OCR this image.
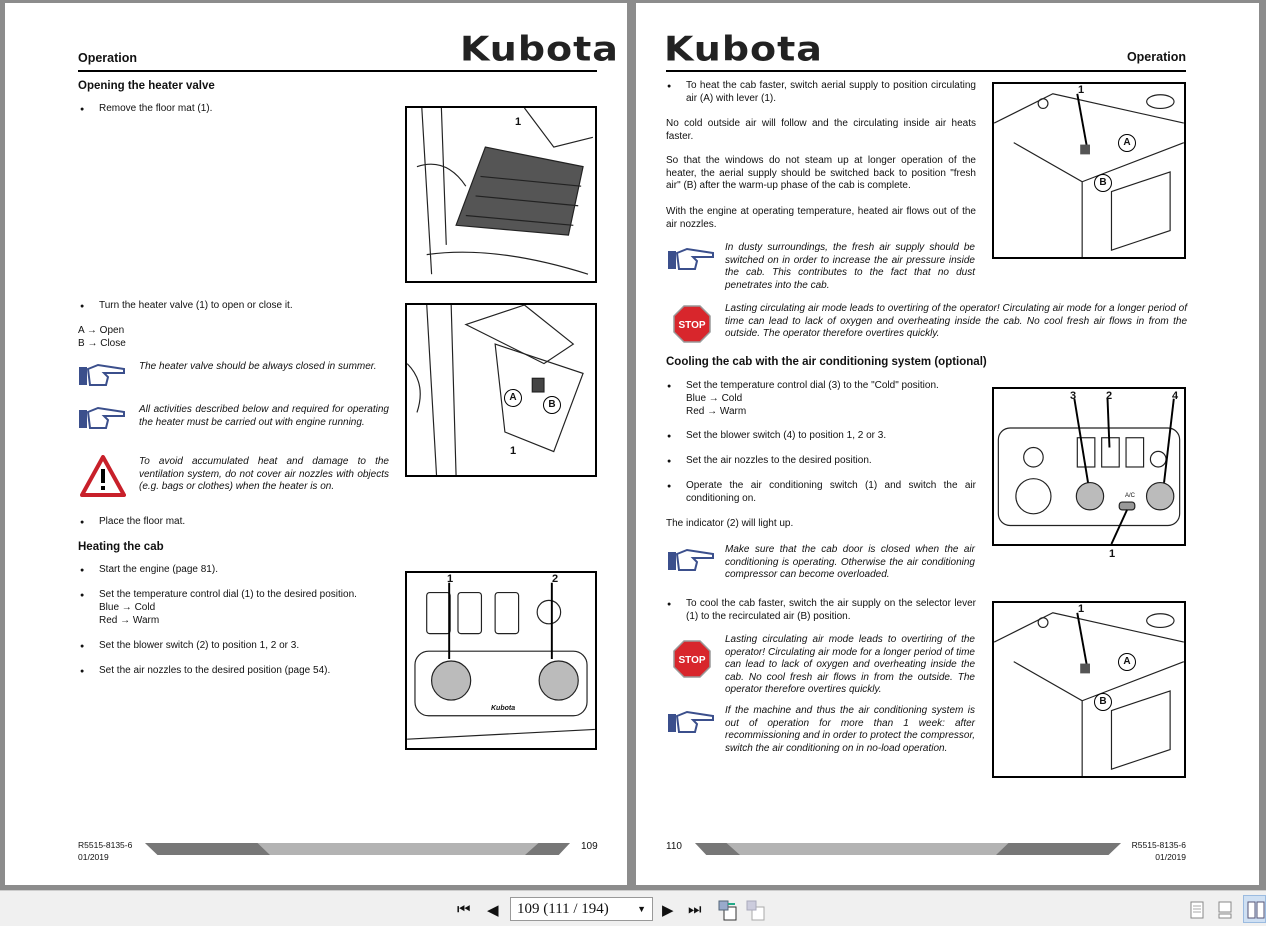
Operation	Kubota
Opening the heater valve
● Remove the floor mat (1).
1
● Turn the heater valve (1) to open or close it.
A → Open
B → Close
The heater valve should be always closed in summer.
All activities described below and required for operating the heater must be carried out with engine running.
To avoid accumulated heat and damage to the ventilation system, do not cover air nozzles with objects (e.g. bags or clothes) when the heater is on.
A
B
1
● Place the floor mat.
Heating the cab
● Start the engine (page 81).
● Set the temperature control dial (1) to the desired position.
Blue → Cold
Red → Warm
● Set the blower switch (2) to position 1, 2 or 3.
● Set the air nozzles to the desired position (page 54).
1	2
Kubota
R5515-8135-6
01/2019
109
Kubota	Operation
● To heat the cab faster, switch aerial supply to position circulating air (A) with lever (1).
No cold outside air will follow and the circulating inside air heats faster.
So that the windows do not steam up at longer operation of the heater, the aerial supply should be switched back to position "fresh air" (B) after the warm-up phase of the cab is complete.
With the engine at operating temperature, heated air flows out of the air nozzles.
In dusty surroundings, the fresh air supply should be switched on in order to increase the air pressure inside the cab. This contributes to the fact that no dust penetrates into the cab.
STOP
Lasting circulating air mode leads to overtiring of the operator! Circulating air mode for a longer period of time can lead to lack of oxygen and overheating inside the cab. No cool fresh air flows in from the outside. The operator therefore overtires quickly.
Cooling the cab with the air conditioning system (optional)
● Set the temperature control dial (3) to the "Cold" position.
Blue → Cold
Red → Warm
● Set the blower switch (4) to position 1, 2 or 3.
● Set the air nozzles to the desired position.
● Operate the air conditioning switch (1) and switch the air conditioning on.
The indicator (2) will light up.
Make sure that the cab door is closed when the air conditioning is operating. Otherwise the air conditioning compressor can become overloaded.
● To cool the cab faster, switch the air supply on the selector lever (1) to the recirculated air (B) position.
STOP
Lasting circulating air mode leads to overtiring of the operator! Circulating air mode for a longer period of time can lead to lack of oxygen and overheating inside the cab. No cool fresh air flows in from the outside. The operator therefore overtires quickly.
If the machine and thus the air conditioning system is out of operation for more than 1 week: after recommissioning and in order to protect the compressor, switch the air conditioning on in no-load operation.
1
A
B
3	2	4
A/C
1
1
A
B
110	R5515-8135-6
01/2019
⏮ ◀	109 (111 / 194)	▼ ▶ ⏭
